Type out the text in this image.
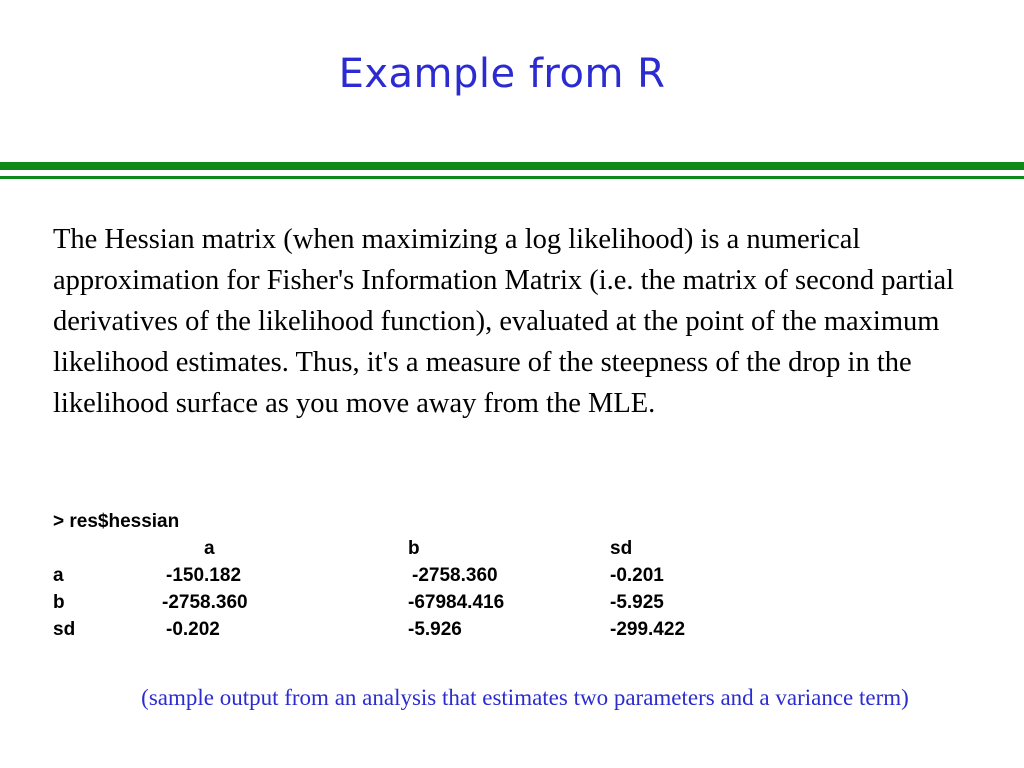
Example from R

The Hessian matrix (when maximizing a log likelihood) is a numerical approximation for Fisher's Information Matrix (i.e. the matrix of second partial derivatives of the likelihood function), evaluated at the point of the maximum likelihood estimates. Thus, it's a measure of the steepness of the drop in the likelihood surface as you move away from the MLE.

> res$hessian
	a	b	sd
a	-150.182	-2758.360	-0.201
b	-2758.360	-67984.416	-5.925
sd	-0.202	-5.926	-299.422
(sample output from an analysis that estimates two parameters and a variance term)
